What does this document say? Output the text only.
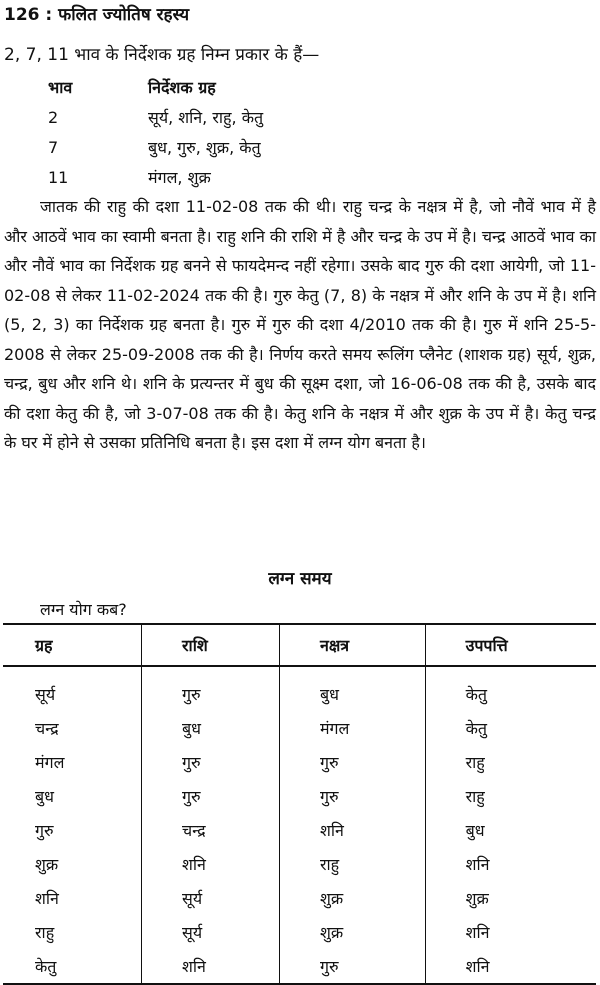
126 : फलित ज्योतिष रहस्य
2, 7, 11 भाव के निर्देशक ग्रह निम्न प्रकार के हैं—
भाव	निर्देशक ग्रह
2	सूर्य, शनि, राहु, केतु
7	बुध, गुरु, शुक्र, केतु
11	मंगल, शुक्र

जातक की राहु की दशा 11-02-08 तक की थी। राहु चन्द्र के नक्षत्र में है, जो नौवें भाव में है और आठवें भाव का स्वामी बनता है। राहु शनि की राशि में है और चन्द्र के उप में है। चन्द्र आठवें भाव का और नौवें भाव का निर्देशक ग्रह बनने से फायदेमन्द नहीं रहेगा। उसके बाद गुरु की दशा आयेगी, जो 11-02-08 से लेकर 11-02-2024 तक की है। गुरु केतु (7, 8) के नक्षत्र में और शनि के उप में है। शनि (5, 2, 3) का निर्देशक ग्रह बनता है। गुरु में गुरु की दशा 4/2010 तक की है। गुरु में शनि 25-5-2008 से लेकर 25-09-2008 तक की है। निर्णय करते समय रूलिंग प्लैनेट (शाशक ग्रह) सूर्य, शुक्र, चन्द्र, बुध और शनि थे। शनि के प्रत्यन्तर में बुध की सूक्ष्म दशा, जो 16-06-08 तक की है, उसके बाद की दशा केतु की है, जो 3-07-08 तक की है। केतु शनि के नक्षत्र में और शुक्र के उप में है। केतु चन्द्र के घर में होने से उसका प्रतिनिधि बनता है। इस दशा में लग्न योग बनता है।

लग्न समय
लग्न योग कब?
ग्रह	राशि	नक्षत्र	उपपत्ति
सूर्य	गुरु	बुध	केतु
चन्द्र	बुध	मंगल	केतु
मंगल	गुरु	गुरु	राहु
बुध	गुरु	गुरु	राहु
गुरु	चन्द्र	शनि	बुध
शुक्र	शनि	राहु	शनि
शनि	सूर्य	शुक्र	शुक्र
राहु	सूर्य	शुक्र	शनि
केतु	शनि	गुरु	शनि
